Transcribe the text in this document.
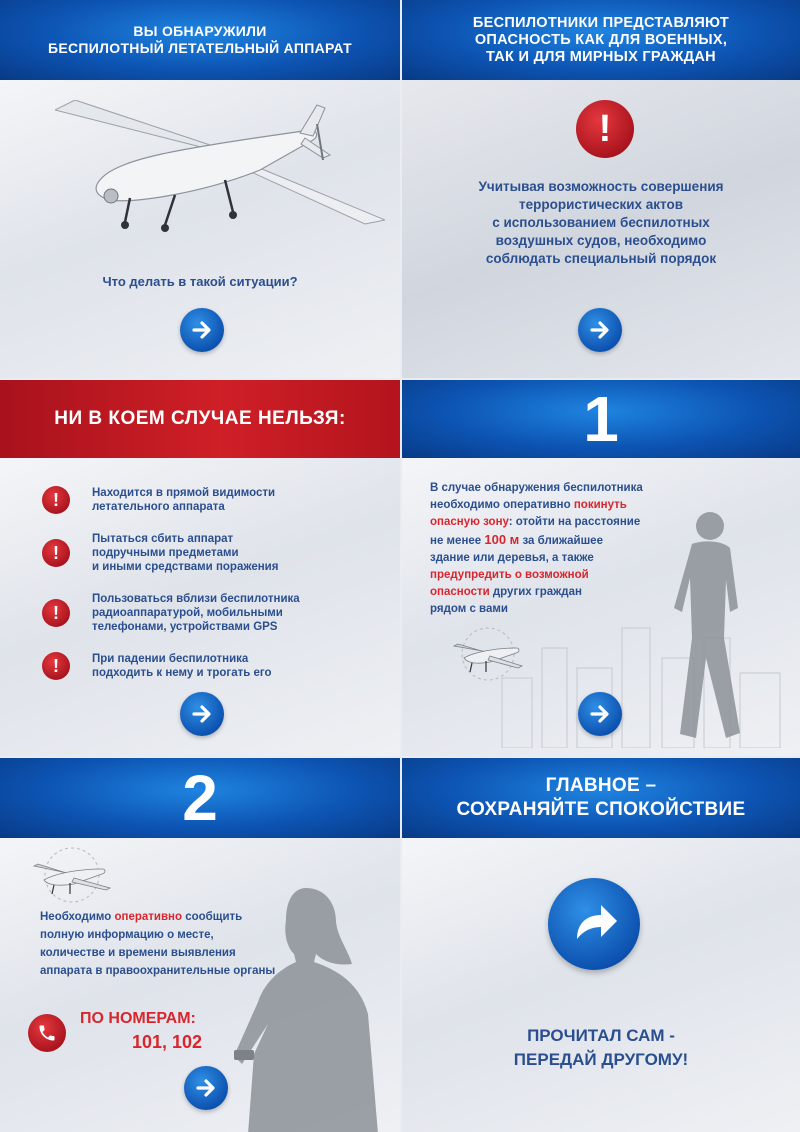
ВЫ ОБНАРУЖИЛИ
БЕСПИЛОТНЫЙ ЛЕТАТЕЛЬНЫЙ АППАРАТ
БЕСПИЛОТНИКИ ПРЕДСТАВЛЯЮТ
ОПАСНОСТЬ КАК ДЛЯ ВОЕННЫХ,
ТАК И ДЛЯ МИРНЫХ ГРАЖДАН
Что делать в такой ситуации?
!
Учитывая возможность совершения
террористических актов
с использованием беспилотных
воздушных судов, необходимо
соблюдать специальный порядок
НИ В КОЕМ СЛУЧАЕ НЕЛЬЗЯ:	1
!	Находится в прямой видимости
летательного аппарата
!
Пытаться сбить аппарат
подручными предметами
и иными средствами поражения
!
Пользоваться вблизи беспилотника
радиоаппаратурой, мобильными
телефонами, устройствами GPS
!	При падении беспилотника
подходить к нему и трогать его
В случае обнаружения беспилотника
необходимо оперативно покинуть
опасную зону: отойти на расстояние
не менее 100 м за ближайшее
здание или деревья, а также
предупредить о возможной
опасности других граждан
рядом с вами
2	ГЛАВНОЕ –
СОХРАНЯЙТЕ СПОКОЙСТВИЕ
Необходимо оперативно сообщить
полную информацию о месте,
количестве и времени выявления
аппарата в правоохранительные органы
ПО НОМЕРАМ:
101, 102	ПРОЧИТАЛ САМ -
ПЕРЕДАЙ ДРУГОМУ!
